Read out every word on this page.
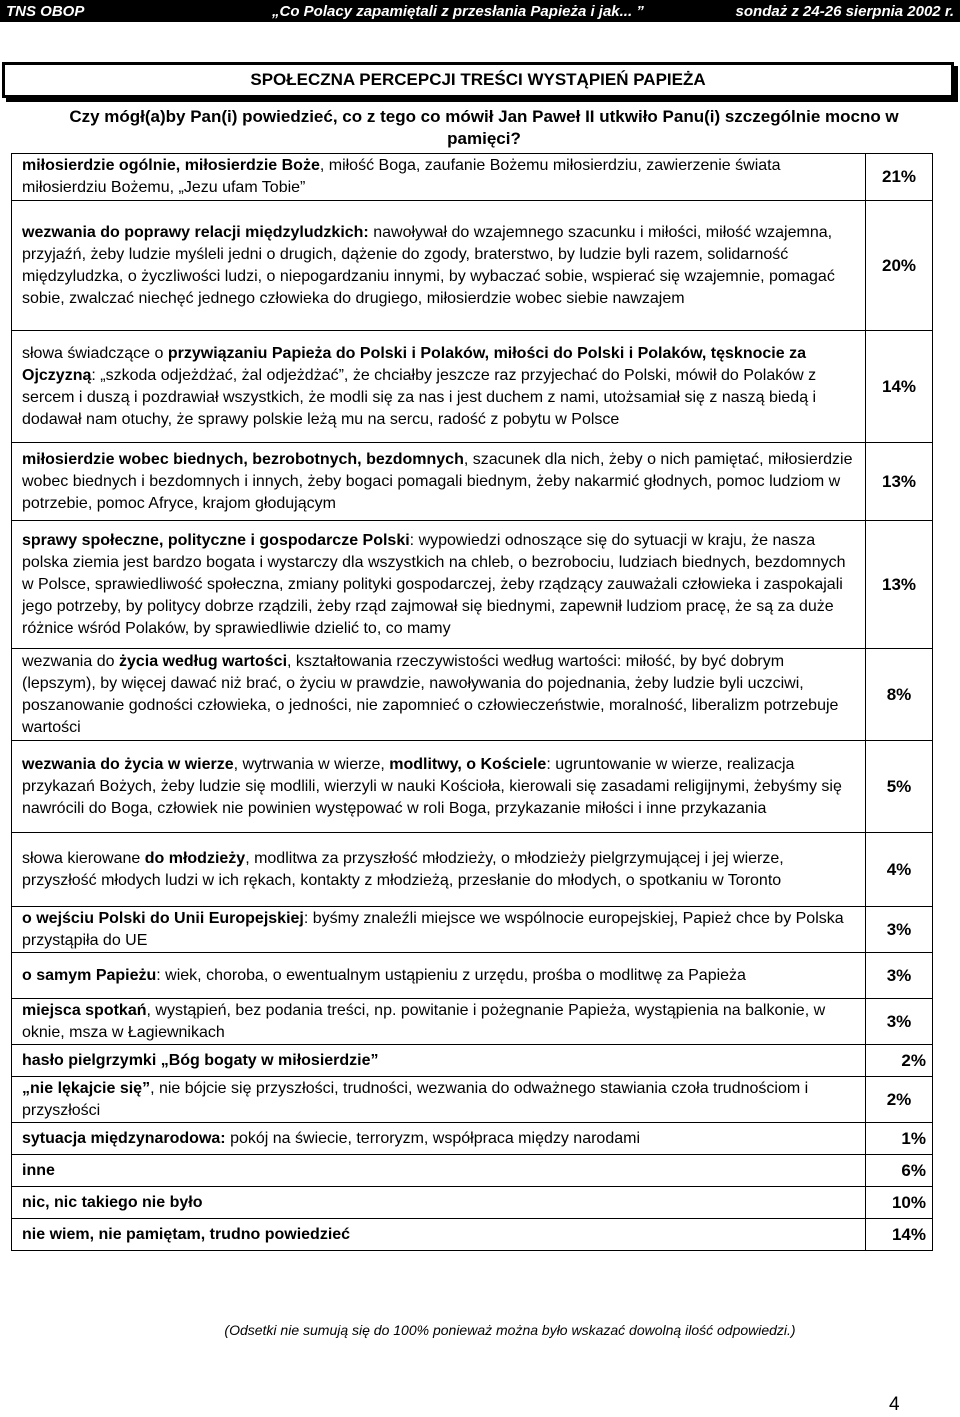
TNS OBOP	„Co Polacy zapamiętali z przesłania Papieża i jak... ”	sondaż z 24-26 sierpnia 2002 r.
SPOŁECZNA PERCEPCJI TREŚCI WYSTĄPIEŃ PAPIEŻA
Czy mógł(a)by Pan(i) powiedzieć, co z tego co mówił Jan Paweł II utkwiło Panu(i) szczególnie mocno w pamięci?
miłosierdzie ogólnie, miłosierdzie Boże, miłość Boga, zaufanie Bożemu miłosierdziu, zawierzenie świata miłosierdziu Bożemu, „Jezu ufam Tobie”	21%
wezwania do poprawy relacji międzyludzkich: nawoływał do wzajemnego szacunku i miłości, miłość wzajemna, przyjaźń, żeby ludzie myśleli jedni o drugich, dążenie do zgody, braterstwo, by ludzie byli razem, solidarność międzyludzka, o życzliwości ludzi, o niepogardzaniu innymi, by wybaczać sobie, wspierać się wzajemnie, pomagać sobie, zwalczać niechęć jednego człowieka do drugiego, miłosierdzie wobec siebie nawzajem	20%
słowa świadczące o przywiązaniu Papieża do Polski i Polaków, miłości do Polski i Polaków, tęsknocie za Ojczyzną: „szkoda odjeżdżać, żal odjeżdżać”, że chciałby jeszcze raz przyjechać do Polski, mówił do Polaków z sercem i duszą i pozdrawiał wszystkich, że modli się za nas i jest duchem z nami, utożsamiał się z naszą biedą i dodawał nam otuchy, że sprawy polskie leżą mu na sercu, radość z pobytu w Polsce	14%
miłosierdzie wobec biednych, bezrobotnych, bezdomnych, szacunek dla nich, żeby o nich pamiętać, miłosierdzie wobec biednych i bezdomnych i innych, żeby bogaci pomagali biednym, żeby nakarmić głodnych, pomoc ludziom w potrzebie, pomoc Afryce, krajom głodującym	13%
sprawy społeczne, polityczne i gospodarcze Polski: wypowiedzi odnoszące się do sytuacji w kraju, że nasza polska ziemia jest bardzo bogata i wystarczy dla wszystkich na chleb, o bezrobociu, ludziach biednych, bezdomnych w Polsce, sprawiedliwość społeczna, zmiany polityki gospodarczej, żeby rządzący zauważali człowieka i zaspokajali jego potrzeby, by politycy dobrze rządzili, żeby rząd zajmował się biednymi, zapewnił ludziom pracę, że są za duże różnice wśród Polaków, by sprawiedliwie dzielić to, co mamy	13%
wezwania do życia według wartości, kształtowania rzeczywistości według wartości: miłość, by być dobrym (lepszym), by więcej dawać niż brać, o życiu w prawdzie, nawoływania do pojednania, żeby ludzie byli uczciwi, poszanowanie godności człowieka, o jedności, nie zapomnieć o człowieczeństwie, moralność, liberalizm potrzebuje wartości	8%
wezwania do życia w wierze, wytrwania w wierze, modlitwy, o Kościele: ugruntowanie w wierze, realizacja przykazań Bożych, żeby ludzie się modlili, wierzyli w nauki Kościoła, kierowali się zasadami religijnymi, żebyśmy się nawrócili do Boga, człowiek nie powinien występować w roli Boga, przykazanie miłości i inne przykazania	5%
słowa kierowane do młodzieży, modlitwa za przyszłość młodzieży, o młodzieży pielgrzymującej i jej wierze, przyszłość młodych ludzi w ich rękach, kontakty z młodzieżą, przesłanie do młodych, o spotkaniu w Toronto	4%
o wejściu Polski do Unii Europejskiej: byśmy znaleźli miejsce we wspólnocie europejskiej, Papież chce by Polska przystąpiła do UE	3%
o samym Papieżu: wiek, choroba, o ewentualnym ustąpieniu z urzędu, prośba o modlitwę za Papieża	3%
miejsca spotkań, wystąpień, bez podania treści, np. powitanie i pożegnanie Papieża, wystąpienia na balkonie, w oknie, msza w Łagiewnikach	3%
hasło pielgrzymki „Bóg bogaty w miłosierdzie”	2%
„nie lękajcie się”, nie bójcie się przyszłości, trudności, wezwania do odważnego stawiania czoła trudnościom i przyszłości	2%
sytuacja międzynarodowa: pokój na świecie, terroryzm, współpraca między narodami	1%
inne	6%
nic, nic takiego nie było	10%
nie wiem, nie pamiętam, trudno powiedzieć	14%
(Odsetki nie sumują się do 100% ponieważ można było wskazać dowolną ilość odpowiedzi.)
4
